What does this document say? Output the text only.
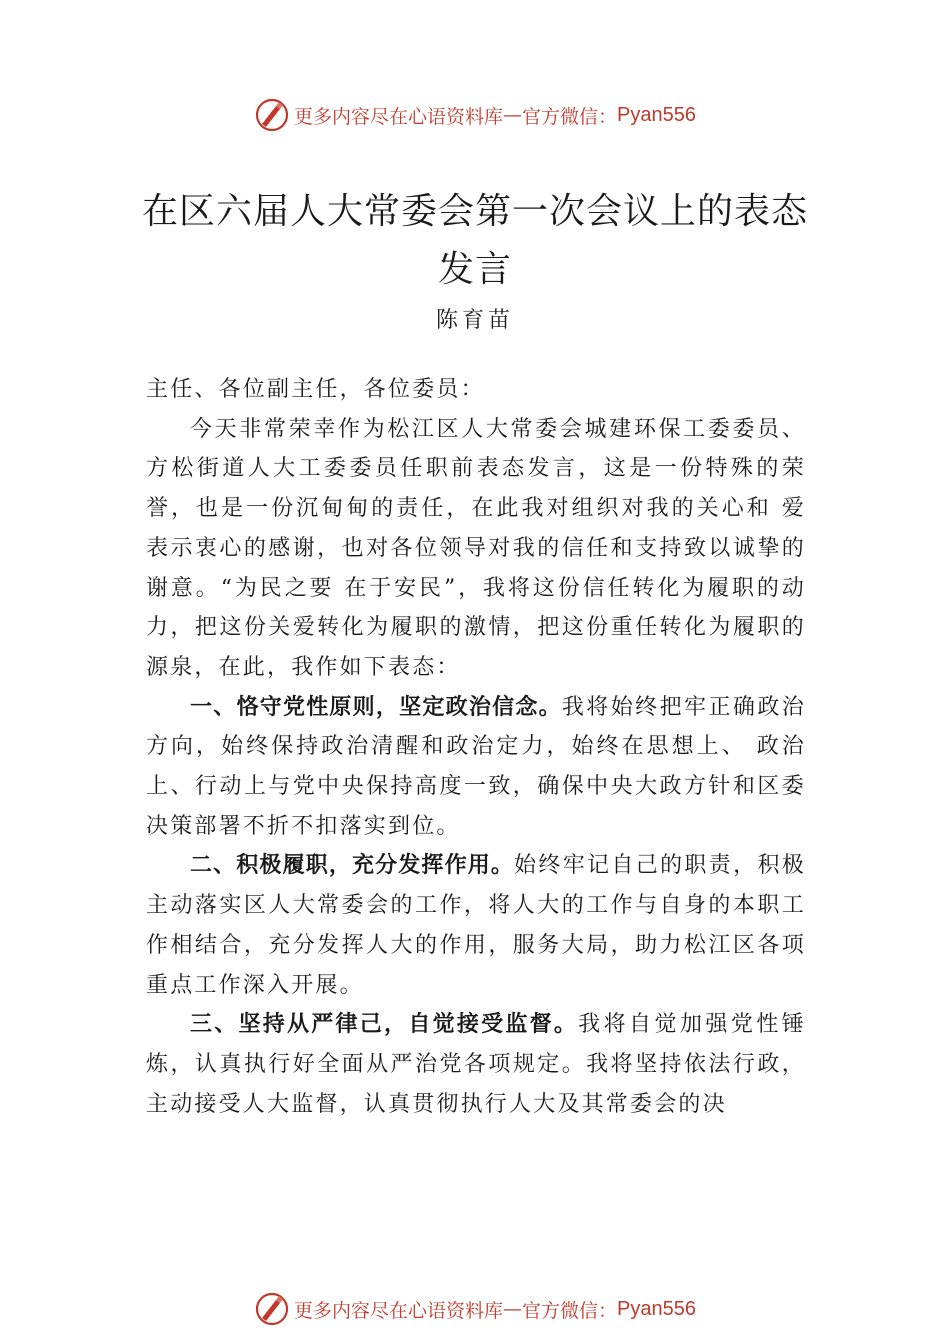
更多内容尽在心语资料库 — 官方微信： Pyan556
在区六届人大常委会第一次会议上的表态发言
陈育苗

主任、各位副主任，各位委员：

今天非常荣幸作为松江区人大常委会城建环保工委委员、方松街道人大工委委员任职前表态发言，这是一份特殊的荣誉，也是一份沉甸甸的责任，在此我对组织对我的关心和 爱表示衷心的感谢，也对各位领导对我的信任和支持致以诚挚的谢意。“为民之要 在于安民”，我将这份信任转化为履职的动力，把这份关爱转化为履职的激情，把这份重任转化为履职的源泉，在此，我作如下表态：

一、恪守党性原则，坚定政治信念。我将始终把牢正确政治方向，始终保持政治清醒和政治定力，始终在思想上、 政治上、行动上与党中央保持高度一致，确保中央大政方针和区委决策部署不折不扣落实到位。

二、积极履职，充分发挥作用。始终牢记自己的职责，积极主动落实区人大常委会的工作，将人大的工作与自身的本职工作相结合，充分发挥人大的作用，服务大局，助力松江区各项重点工作深入开展。

三、坚持从严律己，自觉接受监督。我将自觉加强党性锤炼，认真执行好全面从严治党各项规定。我将坚持依法行政，主动接受人大监督，认真贯彻执行人大及其常委会的决

更多内容尽在心语资料库 — 官方微信： Pyan556
